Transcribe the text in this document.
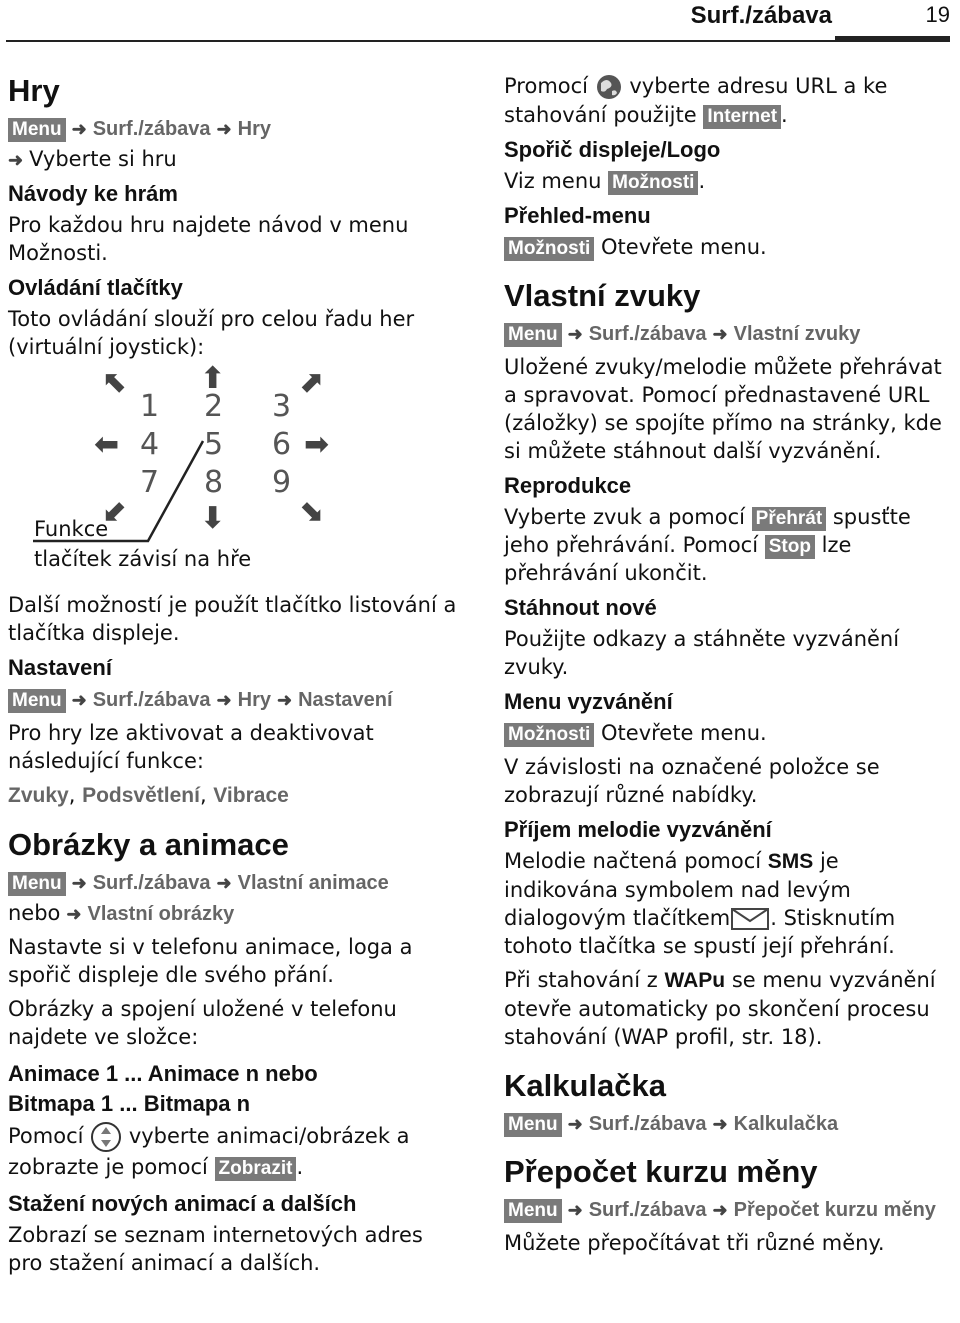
Surf./zábava	19
Hry
Menu ➜ Surf./zábava ➜ Hry
➜ Vyberte si hru
Návody ke hrám

Pro každou hru najdete návod v menu Možnosti.

Ovládání tlačítky

Toto ovládání slouží pro celou řadu her (virtuální joystick):

⬉ ⬆ ⬈
1 2 3
⬅ 4 5 6 ➡
7 8 9
⬋ ⬇ ⬊
Funkce
tlačítek závisí na hře

Další možností je použít tlačítko listování a tlačítka displeje.

Nastavení
Menu ➜ Surf./zábava ➜ Hry ➜ Nastavení

Pro hry lze aktivovat a deaktivovat následující funkce:

Zvuky, Podsvětlení, Vibrace

Obrázky a animace
Menu ➜ Surf./zábava ➜ Vlastní animace
nebo ➜ Vlastní obrázky

Nastavte si v telefonu animace, loga a spořič displeje dle svého přání.

Obrázky a spojení uložené v telefonu najdete ve složce:

Animace 1 ... Animace n nebo
Bitmapa 1 ... Bitmapa n

Pomocí vyberte animaci/obrázek a zobrazte je pomocí Zobrazit .

Stažení nových animací a dalších

Zobrazí se seznam internetových adres pro stažení animací a dalších.

Promocí vyberte adresu URL a ke stahování použijte Internet .

Spořič displeje/Logo

Viz menu Možnosti .

Přehled-menu

Možnosti Otevřete menu.

Vlastní zvuky
Menu ➜ Surf./zábava ➜ Vlastní zvuky

Uložené zvuky/melodie můžete přehrávat a spravovat. Pomocí přednastavené URL (záložky) se spojíte přímo na stránky, kde si můžete stáhnout další vyzvánění.

Reprodukce

Vyberte zvuk a pomocí Přehrát spusťte jeho přehrávání. Pomocí Stop lze přehrávání ukončit.

Stáhnout nové

Použijte odkazy a stáhněte vyzvánění zvuky.

Menu vyzvánění

Možnosti Otevřete menu.

V závislosti na označené položce se zobrazují různé nabídky.

Příjem melodie vyzvánění

Melodie načtená pomocí SMS je indikována symbolem nad levým dialogovým tlačítkem . Stisknutím tohoto tlačítka se spustí její přehrání.

Při stahování z WAPu se menu vyzvánění otevře automaticky po skončení procesu stahování (WAP profil, str. 18).

Kalkulačka
Menu ➜ Surf./zábava ➜ Kalkulačka
Přepočet kurzu měny
Menu ➜ Surf./zábava ➜ Přepočet kurzu měny

Můžete přepočítávat tři různé měny.
